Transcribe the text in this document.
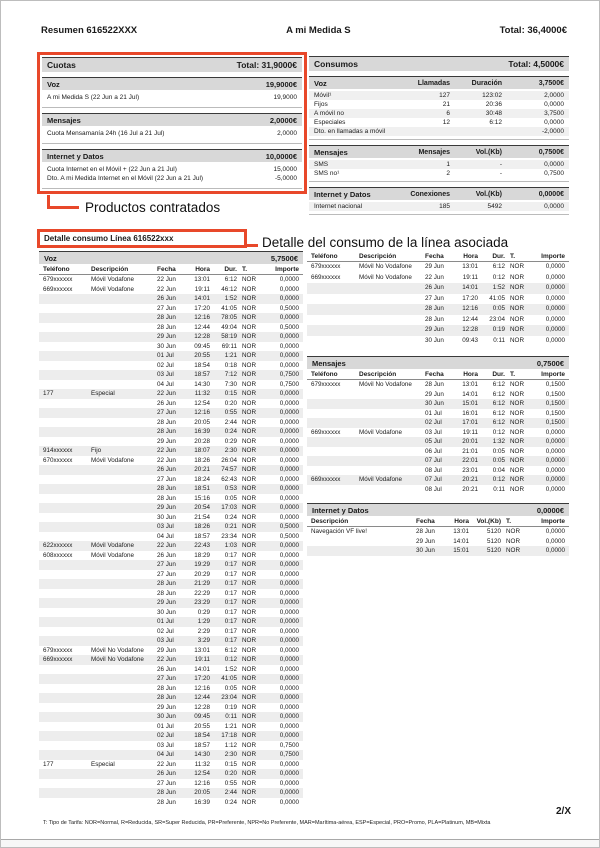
Resumen 616522XXX	A mi Medida S	Total: 36,4000€
Cuotas	Total: 31,9000€
Voz	19,9000€
A mi Medida S (22 Jun a 21 Jul)	19,9000
Mensajes	2,0000€
Cuota Mensamanía 24h (16 Jul a 21 Jul)	2,0000
Internet y Datos	10,0000€
Cuota Internet en el Móvil + (22 Jun a 21 Jul)	15,0000
Dto. A mi Medida Internet en el Móvil (22 Jun a 21 Jul)	-5,0000
Productos contratados
Consumos	Total: 4,5000€
Voz	Llamadas	Duración	3,7500€
Móvil¹	127	123:02	2,0000
Fijos	21	20:36	0,0000
A móvil no	6	30:48	3,7500
Especiales	12	6:12	0,0000
Dto. en llamadas a móvil	-2,0000
Mensajes	Mensajes	Vol.(Kb)	0,7500€
SMS	1	-	0,0000
SMS no¹	2	-	0,7500
Internet y Datos	Conexiones	Vol.(Kb)	0,0000€
Internet nacional	185	5492	0,0000
Detalle consumo Línea 616522xxx	Detalle del consumo de la línea asociada
Voz	5,7500€
Teléfono	Descripción	Fecha	Hora	Dur. T.	Importe
679xxxxxx	Móvil Vodafone	22 Jun	13:01	6:12 NOR	0,0000
669xxxxxx	Móvil Vodafone	22 Jun	19:11	46:12 NOR	0,0000
26 Jun	14:01	1:52 NOR	0,0000
27 Jun	17:20	41:05 NOR	0,5000
28 Jun	12:16	78:05 NOR	0,0000
28 Jun	12:44	49:04 NOR	0,5000
29 Jun	12:28	58:19 NOR	0,0000
30 Jun	09:45	69:11 NOR	0,0000
01 Jul	20:55	1:21 NOR	0,0000
02 Jul	18:54	0:18 NOR	0,0000
03 Jul	18:57	7:12 NOR	0,7500
04 Jul	14:30	7:30 NOR	0,7500
177	Especial	22 Jun	11:32	0:15 NOR	0,0000
26 Jun	12:54	0:20 NOR	0,0000
27 Jun	12:16	0:55 NOR	0,0000
28 Jun	20:05	2:44 NOR	0,0000
28 Jun	16:39	0:24 NOR	0,0000
29 Jun	20:28	0:29 NOR	0,0000
914xxxxxx	Fijo	22 Jun	18:07	2:30 NOR	0,0000
670xxxxxx	Móvil Vodafone	22 Jun	18:26	26:04 NOR	0,0000
26 Jun	20:21	74:57 NOR	0,0000
27 Jun	18:24	62:43 NOR	0,0000
28 Jun	18:51	0:53 NOR	0,0000
28 Jun	15:16	0:05 NOR	0,0000
29 Jun	20:54	17:03 NOR	0,0000
30 Jun	21:54	0:24 NOR	0,0000
03 Jul	18:26	0:21 NOR	0,5000
04 Jul	18:57	23:34 NOR	0,5000
622xxxxxx	Móvil Vodafone	22 Jun	22:43	1:03 NOR	0,0000
608xxxxxx	Móvil Vodafone	26 Jun	18:29	0:17 NOR	0,0000
27 Jun	19:29	0:17 NOR	0,0000
27 Jun	20:29	0:17 NOR	0,0000
28 Jun	21:29	0:17 NOR	0,0000
28 Jun	22:29	0:17 NOR	0,0000
29 Jun	23:29	0:17 NOR	0,0000
30 Jun	0:29	0:17 NOR	0,0000
01 Jul	1:29	0:17 NOR	0,0000
02 Jul	2:29	0:17 NOR	0,0000
03 Jul	3:29	0:17 NOR	0,0000
679xxxxxx	Móvil No Vodafone	29 Jun	13:01	6:12 NOR	0,0000
669xxxxxx	Móvil No Vodafone	22 Jun	19:11	0:12 NOR	0,0000
26 Jun	14:01	1:52 NOR	0,0000
27 Jun	17:20	41:05 NOR	0,0000
28 Jun	12:16	0:05 NOR	0,0000
28 Jun	12:44	23:04 NOR	0,0000
29 Jun	12:28	0:19 NOR	0,0000
30 Jun	09:45	0:11 NOR	0,0000
01 Jul	20:55	1:21 NOR	0,0000
02 Jul	18:54	17:18 NOR	0,0000
03 Jul	18:57	1:12 NOR	0,7500
04 Jul	14:30	2:30 NOR	0,7500
177	Especial	22 Jun	11:32	0:15 NOR	0,0000
26 Jun	12:54	0:20 NOR	0,0000
27 Jun	12:16	0:55 NOR	0,0000
28 Jun	20:05	2:44 NOR	0,0000
28 Jun	16:39	0:24 NOR	0,0000
Teléfono	Descripción	Fecha	Hora	Dur. T.	Importe
679xxxxxx	Móvil No Vodafone	29 Jun	13:01	6:12 NOR	0,0000
669xxxxxx	Móvil No Vodafone	22 Jun	19:11	0:12 NOR	0,0000
26 Jun	14:01	1:52 NOR	0,0000
27 Jun	17:20	41:05 NOR	0,0000
28 Jun	12:16	0:05 NOR	0,0000
28 Jun	12:44	23:04 NOR	0,0000
29 Jun	12:28	0:19 NOR	0,0000
30 Jun	09:43	0:11 NOR	0,0000
Mensajes	0,7500€
Teléfono	Descripción	Fecha	Hora	Dur. T.	Importe
679xxxxxx	Móvil No Vodafone	28 Jun	13:01	6:12 NOR	0,1500
29 Jun	14:01	6:12 NOR	0,1500
30 Jun	15:01	6:12 NOR	0,1500
01 Jul	16:01	6:12 NOR	0,1500
02 Jul	17:01	6:12 NOR	0,1500
669xxxxxx	Móvil Vodafone	03 Jul	19:11	0:12 NOR	0,0000
05 Jul	20:01	1:32 NOR	0,0000
06 Jul	21:01	0:05 NOR	0,0000
07 Jul	22:01	0:05 NOR	0,0000
08 Jul	23:01	0:04 NOR	0,0000
669xxxxxx	Móvil Vodafone	07 Jul	20:21	0:12 NOR	0,0000
08 Jul	20:21	0:11 NOR	0,0000
Internet y Datos	0,0000€
Descripción	Fecha	Hora	Vol.(Kb) T.	Importe
Navegación VF live!	28 Jun	13:01	5120 NOR	0,0000
29 Jun	14:01	5120 NOR	0,0000
30 Jun	15:01	5120 NOR	0,0000
T: Tipo de Tarifa: NOR=Normal, R=Reducida, SR=Super Reducida, PR=Preferente, NPR=No Preferente, MAR=Marítima-aérea, ESP=Especial, PRO=Promo, PLA=Platinum, MB=Mixta
2/X
